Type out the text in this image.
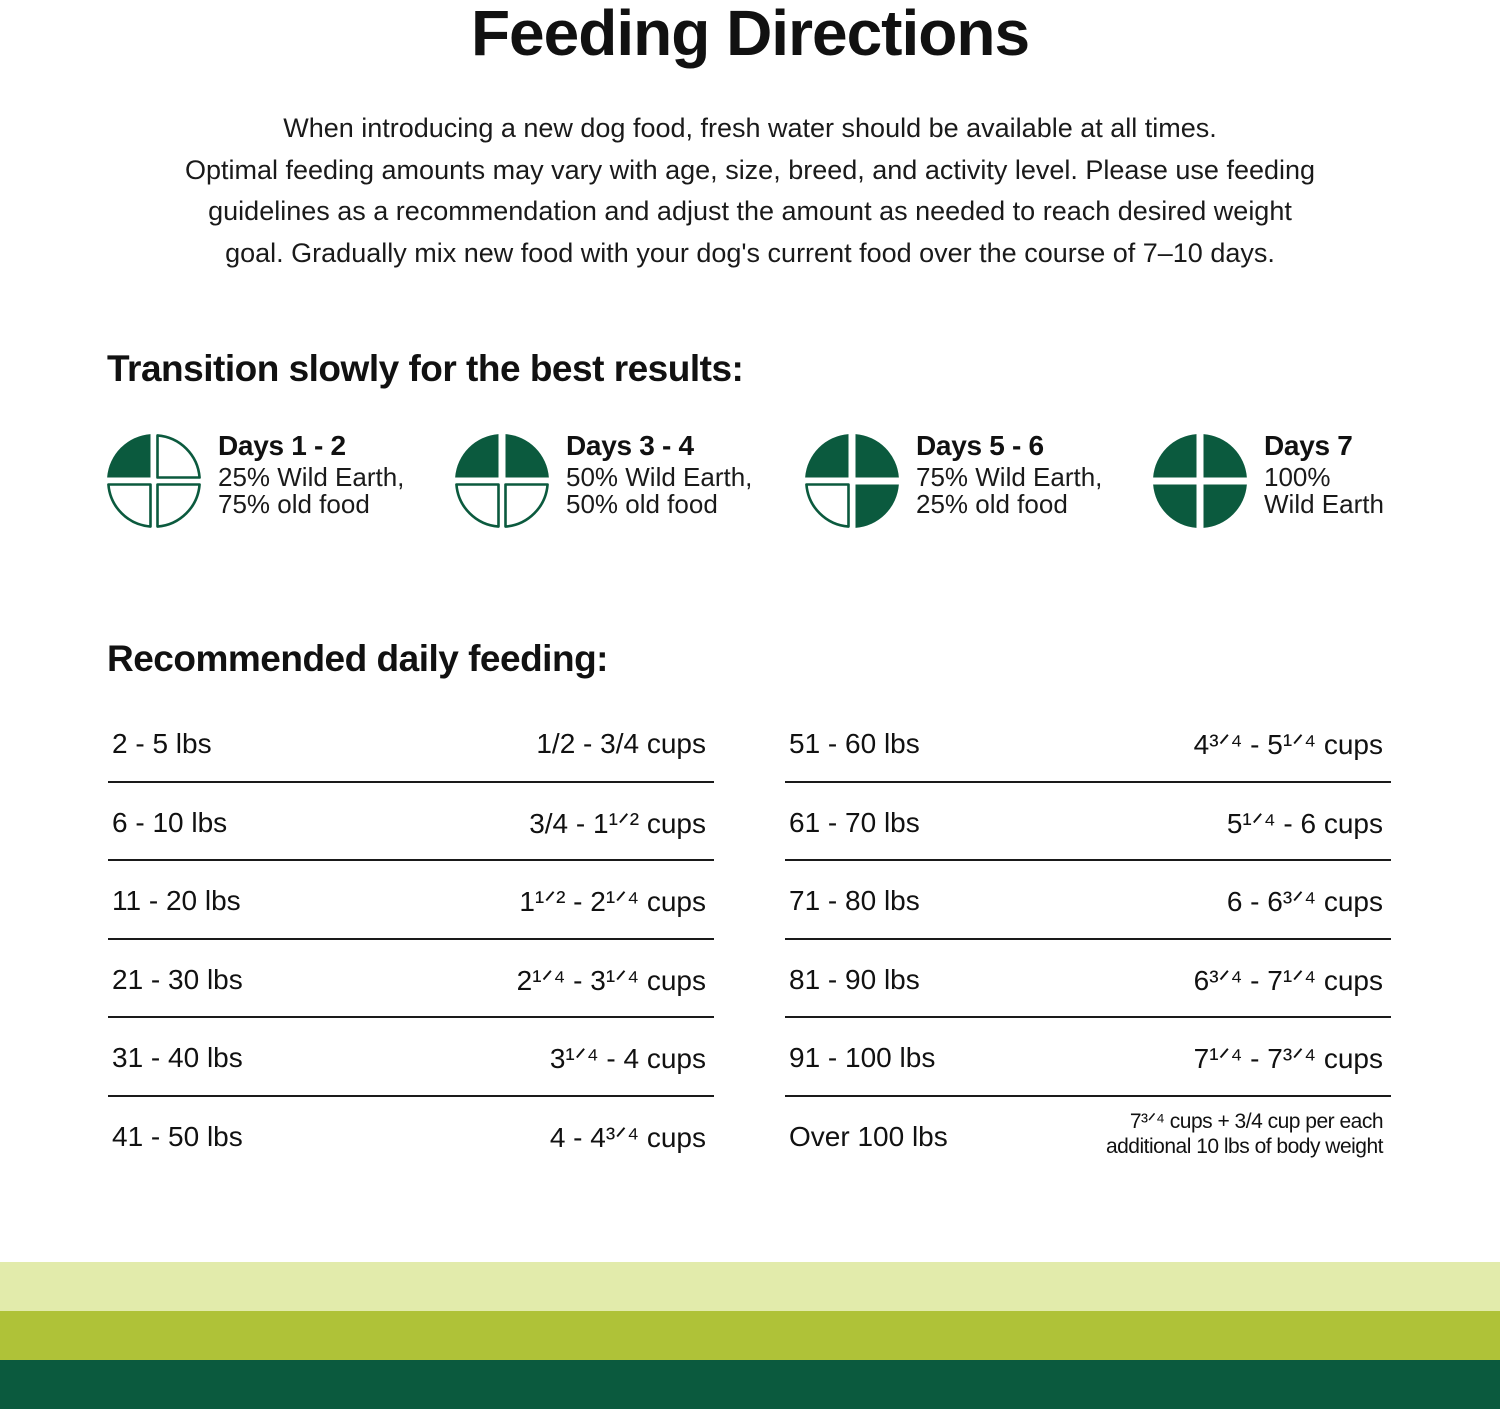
Feeding Directions
When introducing a new dog food, fresh water should be available at all times.
Optimal feeding amounts may vary with age, size, breed, and activity level. Please use feeding
guidelines as a recommendation and adjust the amount as needed to reach desired weight
goal. Gradually mix new food with your dog's current food over the course of 7–10 days.
Transition slowly for the best results:
Days 1 - 2
25% Wild Earth,
75% old food
Days 3 - 4
50% Wild Earth,
50% old food
Days 5 - 6
75% Wild Earth,
25% old food
Days 7
100%
Wild Earth
Recommended daily feeding:
2 - 5 lbs	1/2 - 3/4 cups
6 - 10 lbs	3/4 - 1¹ᐟ² cups
11 - 20 lbs	1¹ᐟ² - 2¹ᐟ⁴ cups
21 - 30 lbs	2¹ᐟ⁴ - 3¹ᐟ⁴ cups
31 - 40 lbs	3¹ᐟ⁴ - 4 cups
41 - 50 lbs	4 - 4³ᐟ⁴ cups
51 - 60 lbs	4³ᐟ⁴ - 5¹ᐟ⁴ cups
61 - 70 lbs	5¹ᐟ⁴ - 6 cups
71 - 80 lbs	6 - 6³ᐟ⁴ cups
81 - 90 lbs	6³ᐟ⁴ - 7¹ᐟ⁴ cups
91 - 100 lbs	7¹ᐟ⁴ - 7³ᐟ⁴ cups
Over 100 lbs	7³ᐟ⁴ cups + 3/4 cup per each
additional 10 lbs of body weight
